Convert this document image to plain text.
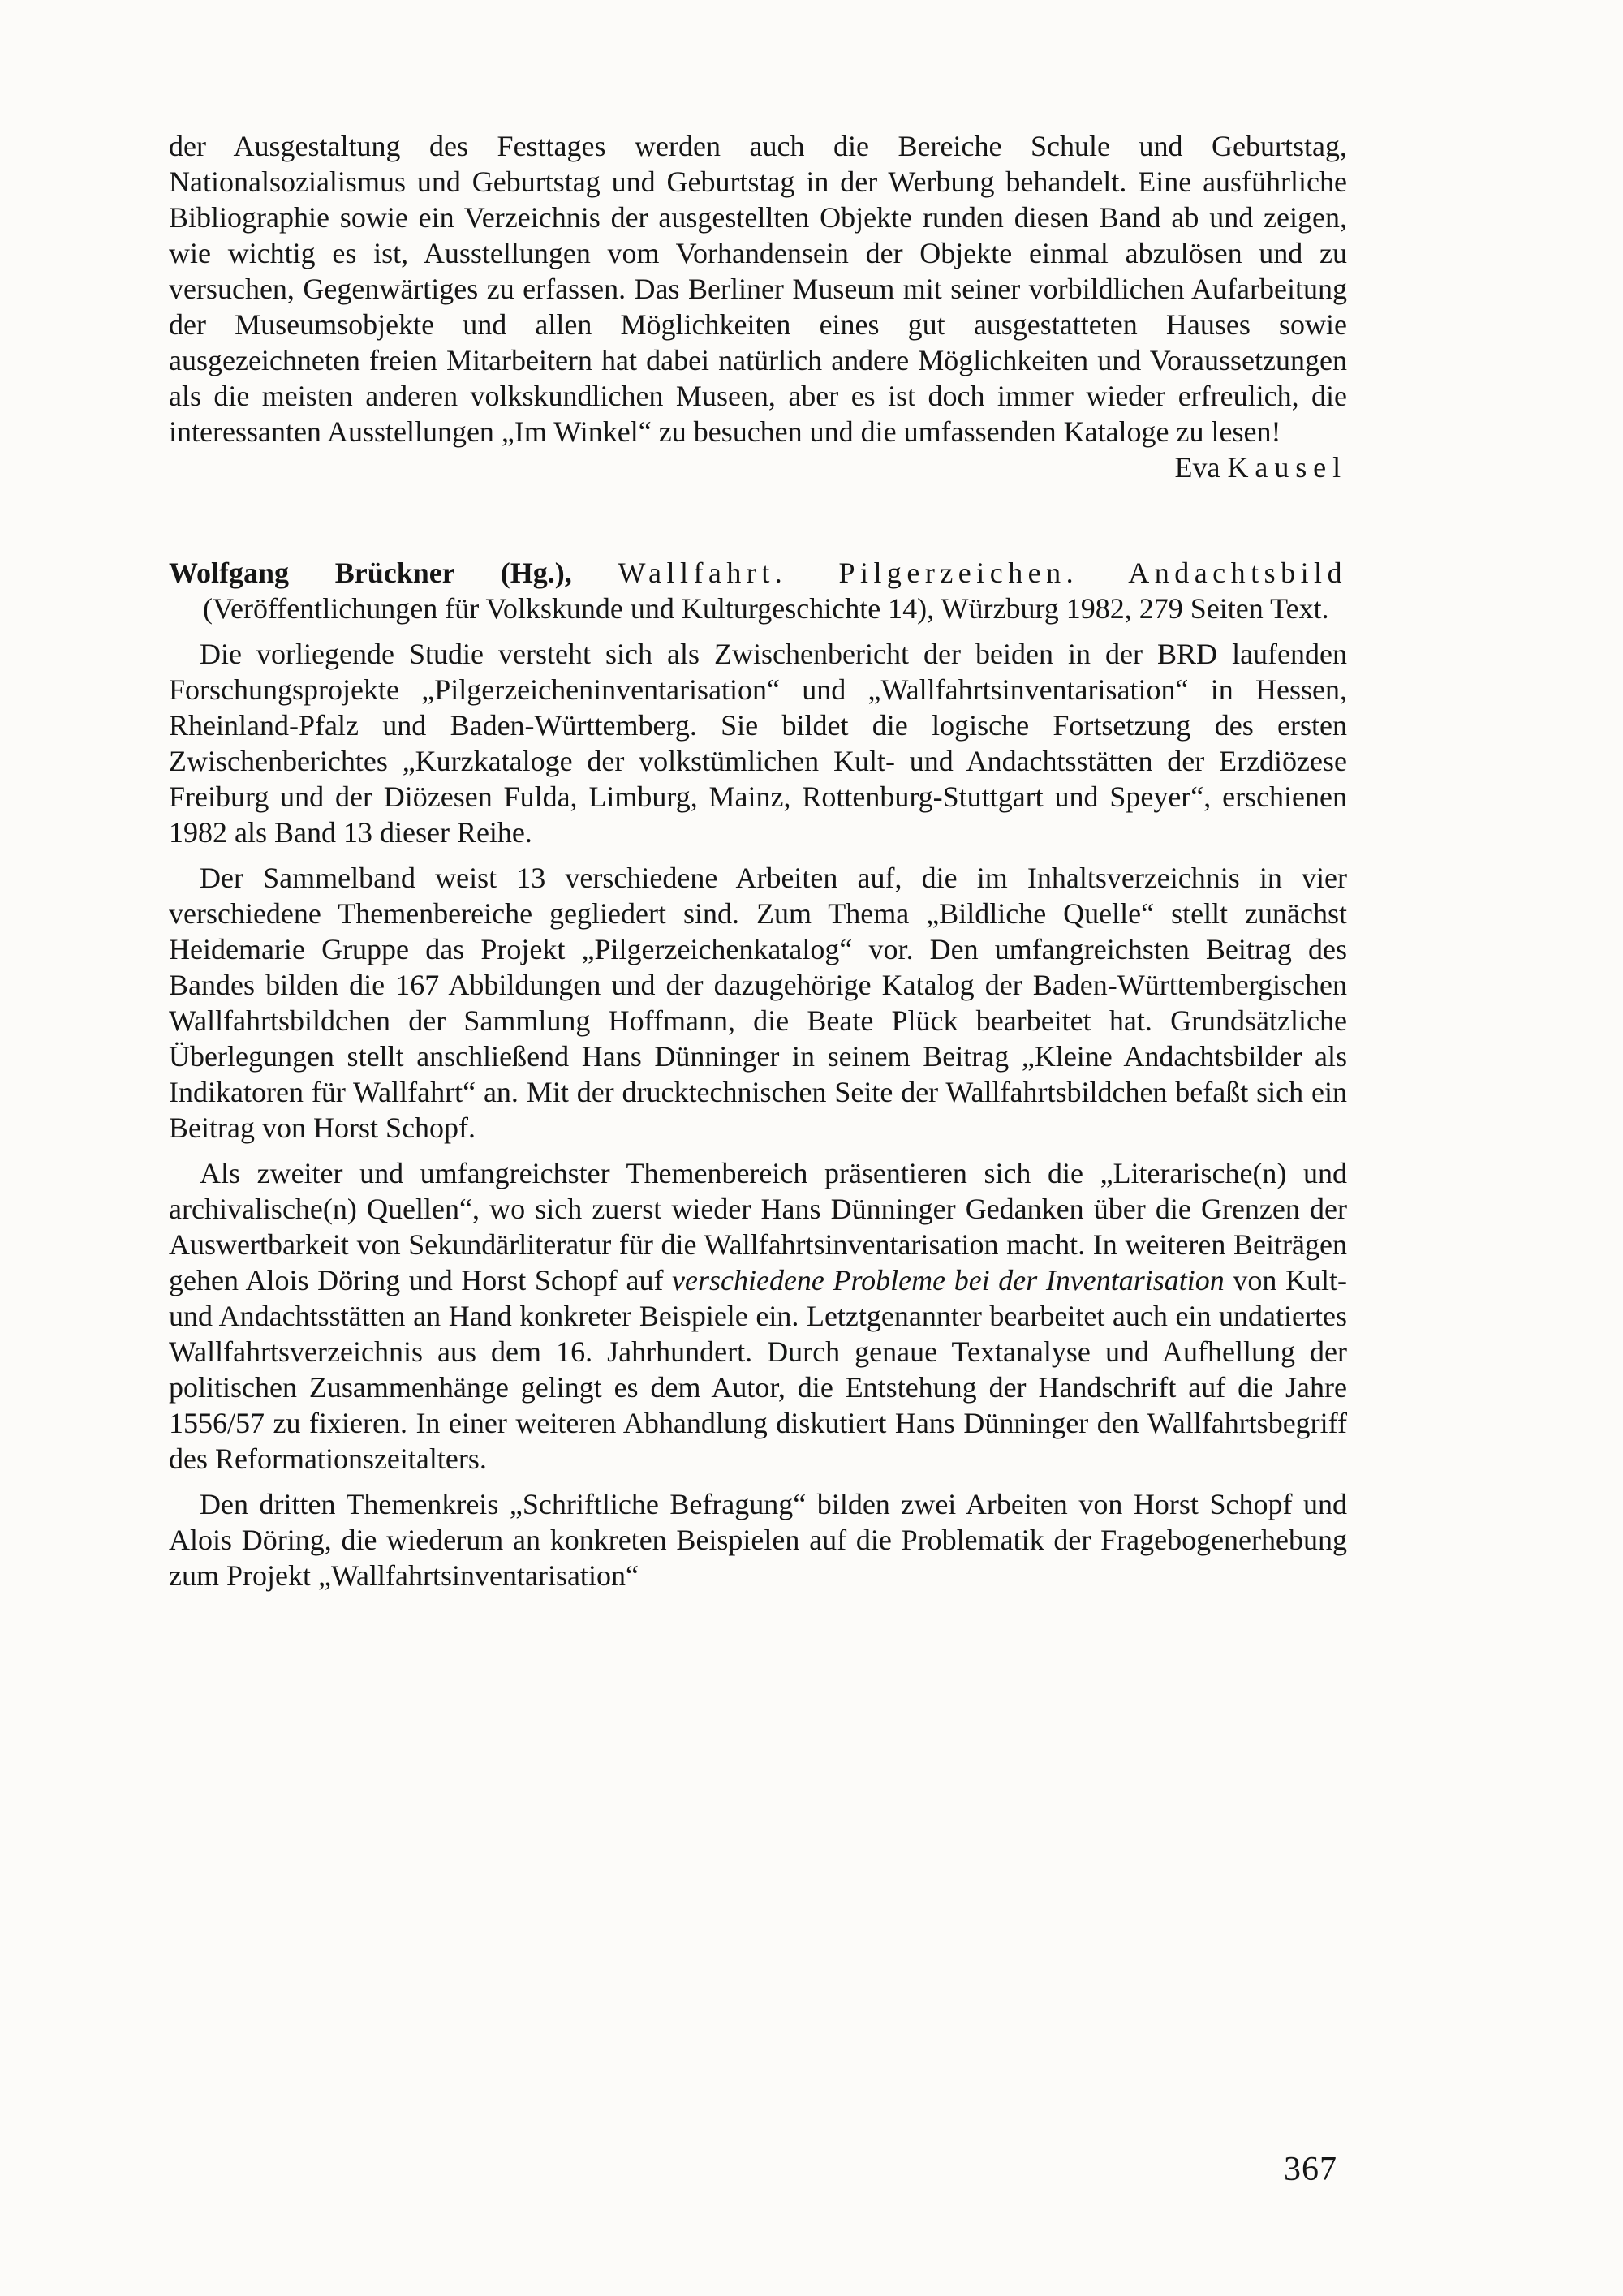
der Ausgestaltung des Festtages werden auch die Bereiche Schule und Geburtstag, Nationalsozialismus und Geburtstag und Geburtstag in der Werbung behandelt. Eine ausführliche Bibliographie sowie ein Verzeichnis der ausgestellten Objekte runden diesen Band ab und zeigen, wie wichtig es ist, Ausstellungen vom Vorhandensein der Objekte einmal abzulösen und zu versuchen, Gegenwärtiges zu erfassen. Das Berliner Museum mit seiner vorbildlichen Aufarbeitung der Museumsobjekte und allen Möglichkeiten eines gut ausgestatteten Hauses sowie ausgezeichneten freien Mitarbeitern hat dabei natürlich andere Möglichkeiten und Voraussetzungen als die meisten anderen volkskundlichen Museen, aber es ist doch immer wieder erfreulich, die interessanten Ausstellungen „Im Winkel“ zu besuchen und die umfassenden Kataloge zu lesen!

Eva Kausel

Wolfgang Brückner (Hg.), Wallfahrt. Pilgerzeichen. Andachtsbild (Veröffentlichungen für Volkskunde und Kulturgeschichte 14), Würzburg 1982, 279 Seiten Text.

Die vorliegende Studie versteht sich als Zwischenbericht der beiden in der BRD laufenden Forschungsprojekte „Pilgerzeicheninventarisation“ und „Wallfahrtsinventarisation“ in Hessen, Rheinland-Pfalz und Baden-Württemberg. Sie bildet die logische Fortsetzung des ersten Zwischenberichtes „Kurzkataloge der volkstümlichen Kult- und Andachtsstätten der Erzdiözese Freiburg und der Diözesen Fulda, Limburg, Mainz, Rottenburg-Stuttgart und Speyer“, erschienen 1982 als Band 13 dieser Reihe.

Der Sammelband weist 13 verschiedene Arbeiten auf, die im Inhaltsverzeichnis in vier verschiedene Themenbereiche gegliedert sind. Zum Thema „Bildliche Quelle“ stellt zunächst Heidemarie Gruppe das Projekt „Pilgerzeichenkatalog“ vor. Den umfangreichsten Beitrag des Bandes bilden die 167 Abbildungen und der dazugehörige Katalog der Baden-Württembergischen Wallfahrtsbildchen der Sammlung Hoffmann, die Beate Plück bearbeitet hat. Grundsätzliche Überlegungen stellt anschließend Hans Dünninger in seinem Beitrag „Kleine Andachtsbilder als Indikatoren für Wallfahrt“ an. Mit der drucktechnischen Seite der Wallfahrtsbildchen befaßt sich ein Beitrag von Horst Schopf.

Als zweiter und umfangreichster Themenbereich präsentieren sich die „Literarische(n) und archivalische(n) Quellen“, wo sich zuerst wieder Hans Dünninger Gedanken über die Grenzen der Auswertbarkeit von Sekundärliteratur für die Wallfahrtsinventarisation macht. In weiteren Beiträgen gehen Alois Döring und Horst Schopf auf verschiedene Probleme bei der Inventarisation von Kult- und Andachtsstätten an Hand konkreter Beispiele ein. Letztgenannter bearbeitet auch ein undatiertes Wallfahrtsverzeichnis aus dem 16. Jahrhundert. Durch genaue Textanalyse und Aufhellung der politischen Zusammenhänge gelingt es dem Autor, die Entstehung der Handschrift auf die Jahre 1556/57 zu fixieren. In einer weiteren Abhandlung diskutiert Hans Dünninger den Wallfahrtsbegriff des Reformationszeitalters.

Den dritten Themenkreis „Schriftliche Befragung“ bilden zwei Arbeiten von Horst Schopf und Alois Döring, die wiederum an konkreten Beispielen auf die Problematik der Fragebogenerhebung zum Projekt „Wallfahrtsinventarisation“

367
